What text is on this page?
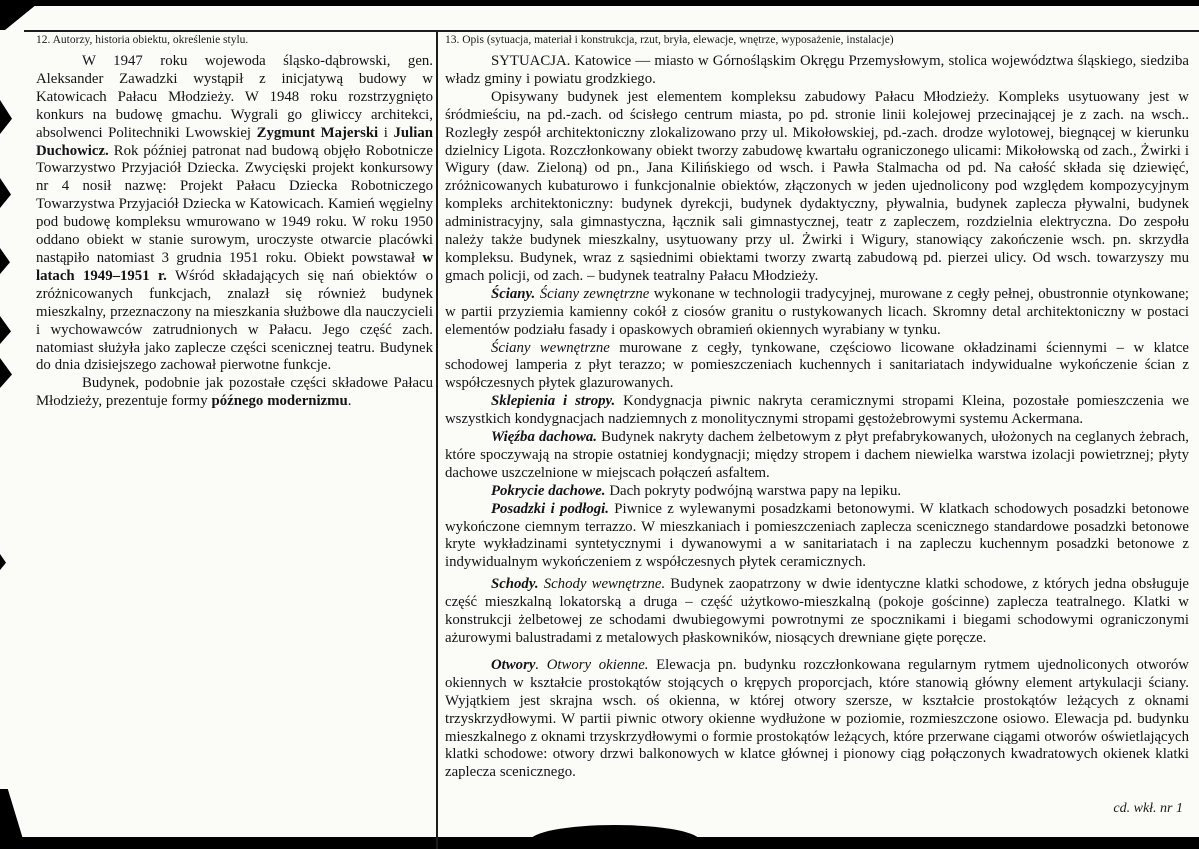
12. Autorzy, historia obiektu, określenie stylu.

W 1947 roku wojewoda śląsko-dąbrowski, gen. Aleksander Zawadzki wystąpił z inicjatywą budowy w Katowicach Pałacu Młodzieży. W 1948 roku rozstrzygnięto konkurs na budowę gmachu. Wygrali go gliwiccy architekci, absolwenci Politechniki Lwowskiej Zygmunt Majerski i Julian Duchowicz. Rok później patronat nad budową objęło Robotnicze Towarzystwo Przyjaciół Dziecka. Zwycięski projekt konkursowy nr 4 nosił nazwę: Projekt Pałacu Dziecka Robotniczego Towarzystwa Przyjaciół Dziecka w Katowicach. Kamień węgielny pod budowę kompleksu wmurowano w 1949 roku. W roku 1950 oddano obiekt w stanie surowym, uroczyste otwarcie placówki nastąpiło natomiast 3 grudnia 1951 roku. Obiekt powstawał w latach 1949–1951 r. Wśród składających się nań obiektów o zróżnicowanych funkcjach, znalazł się również budynek mieszkalny, przeznaczony na mieszkania służbowe dla nauczycieli i wychowawców zatrudnionych w Pałacu. Jego część zach. natomiast służyła jako zaplecze części scenicznej teatru. Budynek do dnia dzisiejszego zachował pierwotne funkcje.

Budynek, podobnie jak pozostałe części składowe Pałacu Młodzieży, prezentuje formy późnego modernizmu.

13. Opis (sytuacja, materiał i konstrukcja, rzut, bryła, elewacje, wnętrze, wyposażenie, instalacje)

SYTUACJA. Katowice — miasto w Górnośląskim Okręgu Przemysłowym, stolica województwa śląskiego, siedziba władz gminy i powiatu grodzkiego.

Opisywany budynek jest elementem kompleksu zabudowy Pałacu Młodzieży. Kompleks usytuowany jest w śródmieściu, na pd.-zach. od ścisłego centrum miasta, po pd. stronie linii kolejowej przecinającej je z zach. na wsch.. Rozległy zespół architektoniczny zlokalizowano przy ul. Mikołowskiej, pd.-zach. drodze wylotowej, biegnącej w kierunku dzielnicy Ligota. Rozczłonkowany obiekt tworzy zabudowę kwartału ograniczonego ulicami: Mikołowską od zach., Żwirki i Wigury (daw. Zieloną) od pn., Jana Kilińskiego od wsch. i Pawła Stalmacha od pd. Na całość składa się dziewięć, zróżnicowanych kubaturowo i funkcjonalnie obiektów, złączonych w jeden ujednolicony pod względem kompozycyjnym kompleks architektoniczny: budynek dyrekcji, budynek dydaktyczny, pływalnia, budynek zaplecza pływalni, budynek administracyjny, sala gimnastyczna, łącznik sali gimnastycznej, teatr z zapleczem, rozdzielnia elektryczna. Do zespołu należy także budynek mieszkalny, usytuowany przy ul. Żwirki i Wigury, stanowiący zakończenie wsch. pn. skrzydła kompleksu. Budynek, wraz z sąsiednimi obiektami tworzy zwartą zabudową pd. pierzei ulicy. Od wsch. towarzyszy mu gmach policji, od zach. – budynek teatralny Pałacu Młodzieży.

Ściany. Ściany zewnętrzne wykonane w technologii tradycyjnej, murowane z cegły pełnej, obustronnie otynkowane; w partii przyziemia kamienny cokół z ciosów granitu o rustykowanych licach. Skromny detal architektoniczny w postaci elementów podziału fasady i opaskowych obramień okiennych wyrabiany w tynku.

Ściany wewnętrzne murowane z cegły, tynkowane, częściowo licowane okładzinami ściennymi – w klatce schodowej lamperia z płyt terazzo; w pomieszczeniach kuchennych i sanitariatach indywidualne wykończenie ścian z współczesnych płytek glazurowanych.

Sklepienia i stropy. Kondygnacja piwnic nakryta ceramicznymi stropami Kleina, pozostałe pomieszczenia we wszystkich kondygnacjach nadziemnych z monolitycznymi stropami gęstożebrowymi systemu Ackermana.

Więźba dachowa. Budynek nakryty dachem żelbetowym z płyt prefabrykowanych, ułożonych na ceglanych żebrach, które spoczywają na stropie ostatniej kondygnacji; między stropem i dachem niewielka warstwa izolacji powietrznej; płyty dachowe uszczelnione w miejscach połączeń asfaltem.

Pokrycie dachowe. Dach pokryty podwójną warstwa papy na lepiku.

Posadzki i podłogi. Piwnice z wylewanymi posadzkami betonowymi. W klatkach schodowych posadzki betonowe wykończone ciemnym terrazzo. W mieszkaniach i pomieszczeniach zaplecza scenicznego standardowe posadzki betonowe kryte wykładzinami syntetycznymi i dywanowymi a w sanitariatach i na zapleczu kuchennym posadzki betonowe z indywidualnym wykończeniem z współczesnych płytek ceramicznych.

Schody. Schody wewnętrzne. Budynek zaopatrzony w dwie identyczne klatki schodowe, z których jedna obsługuje część mieszkalną lokatorską a druga – część użytkowo-mieszkalną (pokoje gościnne) zaplecza teatralnego. Klatki w konstrukcji żelbetowej ze schodami dwubiegowymi powrotnymi ze spocznikami i biegami schodowymi ograniczonymi ażurowymi balustradami z metalowych płaskowników, niosących drewniane gięte poręcze.

Otwory. Otwory okienne. Elewacja pn. budynku rozczłonkowana regularnym rytmem ujednoliconych otworów okiennych w kształcie prostokątów stojących o krępych proporcjach, które stanowią główny element artykulacji ściany. Wyjątkiem jest skrajna wsch. oś okienna, w której otwory szersze, w kształcie prostokątów leżących z oknami trzyskrzydłowymi. W partii piwnic otwory okienne wydłużone w poziomie, rozmieszczone osiowo. Elewacja pd. budynku mieszkalnego z oknami trzyskrzydłowymi o formie prostokątów leżących, które przerwane ciągami otworów oświetlających klatki schodowe: otwory drzwi balkonowych w klatce głównej i pionowy ciąg połączonych kwadratowych okienek klatki zaplecza scenicznego.

cd. wkł. nr 1
